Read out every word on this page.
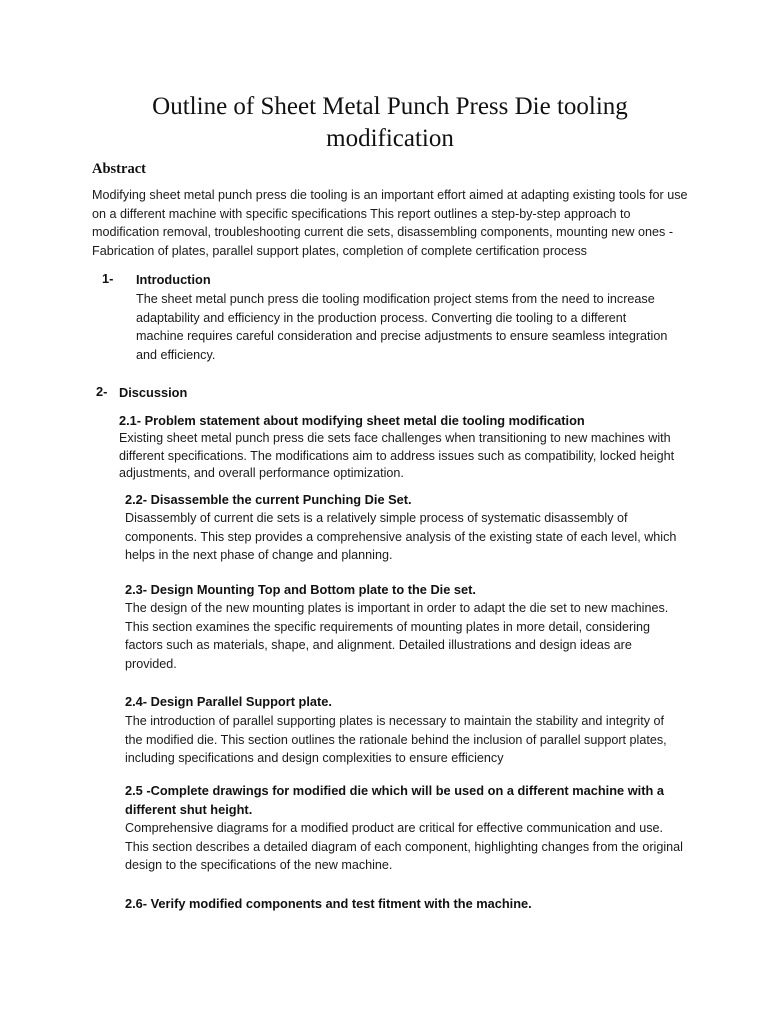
Outline of Sheet Metal Punch Press Die tooling modification
Abstract
Modifying sheet metal punch press die tooling is an important effort aimed at adapting existing tools for use on a different machine with specific specifications This report outlines a step-by-step approach to modification removal, troubleshooting current die sets, disassembling components, mounting new ones -Fabrication of plates, parallel support plates, completion of complete certification process
1- Introduction
The sheet metal punch press die tooling modification project stems from the need to increase adaptability and efficiency in the production process. Converting die tooling to a different machine requires careful consideration and precise adjustments to ensure seamless integration and efficiency.
2- Discussion
2.1- Problem statement about modifying sheet metal die tooling modification
Existing sheet metal punch press die sets face challenges when transitioning to new machines with different specifications. The modifications aim to address issues such as compatibility, locked height adjustments, and overall performance optimization.
2.2- Disassemble the current Punching Die Set.
Disassembly of current die sets is a relatively simple process of systematic disassembly of components. This step provides a comprehensive analysis of the existing state of each level, which helps in the next phase of change and planning.
2.3- Design Mounting Top and Bottom plate to the Die set.
The design of the new mounting plates is important in order to adapt the die set to new machines. This section examines the specific requirements of mounting plates in more detail, considering factors such as materials, shape, and alignment. Detailed illustrations and design ideas are provided.
2.4- Design Parallel Support plate.
The introduction of parallel supporting plates is necessary to maintain the stability and integrity of the modified die. This section outlines the rationale behind the inclusion of parallel support plates, including specifications and design complexities to ensure efficiency
2.5 -Complete drawings for modified die which will be used on a different machine with a different shut height.
Comprehensive diagrams for a modified product are critical for effective communication and use. This section describes a detailed diagram of each component, highlighting changes from the original design to the specifications of the new machine.
2.6- Verify modified components and test fitment with the machine.
